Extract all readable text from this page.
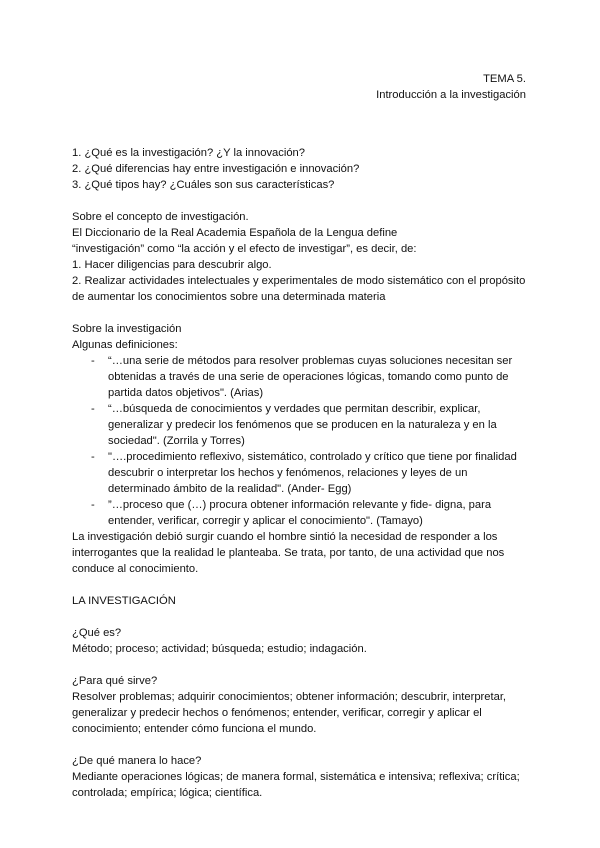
TEMA 5.
Introducción a la investigación

1. ¿Qué es la investigación? ¿Y la innovación?

2. ¿Qué diferencias hay entre investigación e innovación?

3. ¿Qué tipos hay? ¿Cuáles son sus características?

Sobre el concepto de investigación.

El Diccionario de la Real Academia Española de la Lengua define

“investigación” como “la acción y el efecto de investigar”, es decir, de:

1. Hacer diligencias para descubrir algo.

2. Realizar actividades intelectuales y experimentales de modo sistemático con el propósito de aumentar los conocimientos sobre una determinada materia

Sobre la investigación

Algunas definiciones:

- “…una serie de métodos para resolver problemas cuyas soluciones necesitan ser obtenidas a través de una serie de operaciones lógicas, tomando como punto de partida datos objetivos". (Arias)
- “…búsqueda de conocimientos y verdades que permitan describir, explicar, generalizar y predecir los fenómenos que se producen en la naturaleza y en la sociedad". (Zorrila y Torres)
- "….procedimiento reflexivo, sistemático, controlado y crítico que tiene por finalidad descubrir o interpretar los hechos y fenómenos, relaciones y leyes de un determinado ámbito de la realidad". (Ander- Egg)
- ”…proceso que (…) procura obtener información relevante y fide- digna, para entender, verificar, corregir y aplicar el conocimiento". (Tamayo)

La investigación debió surgir cuando el hombre sintió la necesidad de responder a los interrogantes que la realidad le planteaba. Se trata, por tanto, de una actividad que nos conduce al conocimiento.

LA INVESTIGACIÓN

¿Qué es?

Método; proceso; actividad; búsqueda; estudio; indagación.

¿Para qué sirve?

Resolver problemas; adquirir conocimientos; obtener información; descubrir, interpretar, generalizar y predecir hechos o fenómenos; entender, verificar, corregir y aplicar el conocimiento; entender cómo funciona el mundo.

¿De qué manera lo hace?

Mediante operaciones lógicas; de manera formal, sistemática e intensiva; reflexiva; crítica; controlada; empírica; lógica; científica.
